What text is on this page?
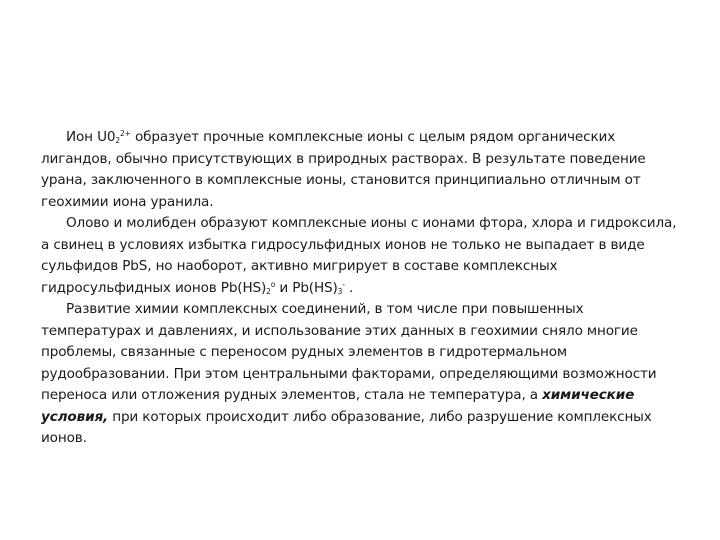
Ион $U0_2^{2+}$ образует прочные комплексные ионы с целым рядом органических лигандов, обычно присутствующих в природных растворах. В результате поведение урана, заключенного в комплексные ионы, становится принципиально отличным от геохимии иона уранила.

Олово и молибден образуют комплексные ионы с ионами фтора, хлора и гидроксила, а свинец в условиях избытка гидросульфидных ионов не только не выпадает в виде сульфидов PbS, но наоборот, активно мигрирует в составе комплексных гидросульфидных ионов $Pb(HS)_2^o$ и $Pb(HS)_3^-$ .

Развитие химии комплексных соединений, в том числе при повышенных температурах и давлениях, и использование этих данных в геохимии сняло многие проблемы, связанные с переносом рудных элементов в гидротермальном рудообразовании. При этом центральными факторами, определяющими возможности переноса или отложения рудных элементов, стала не температура, а химические условия, при которых происходит либо образование, либо разрушение комплексных ионов.
